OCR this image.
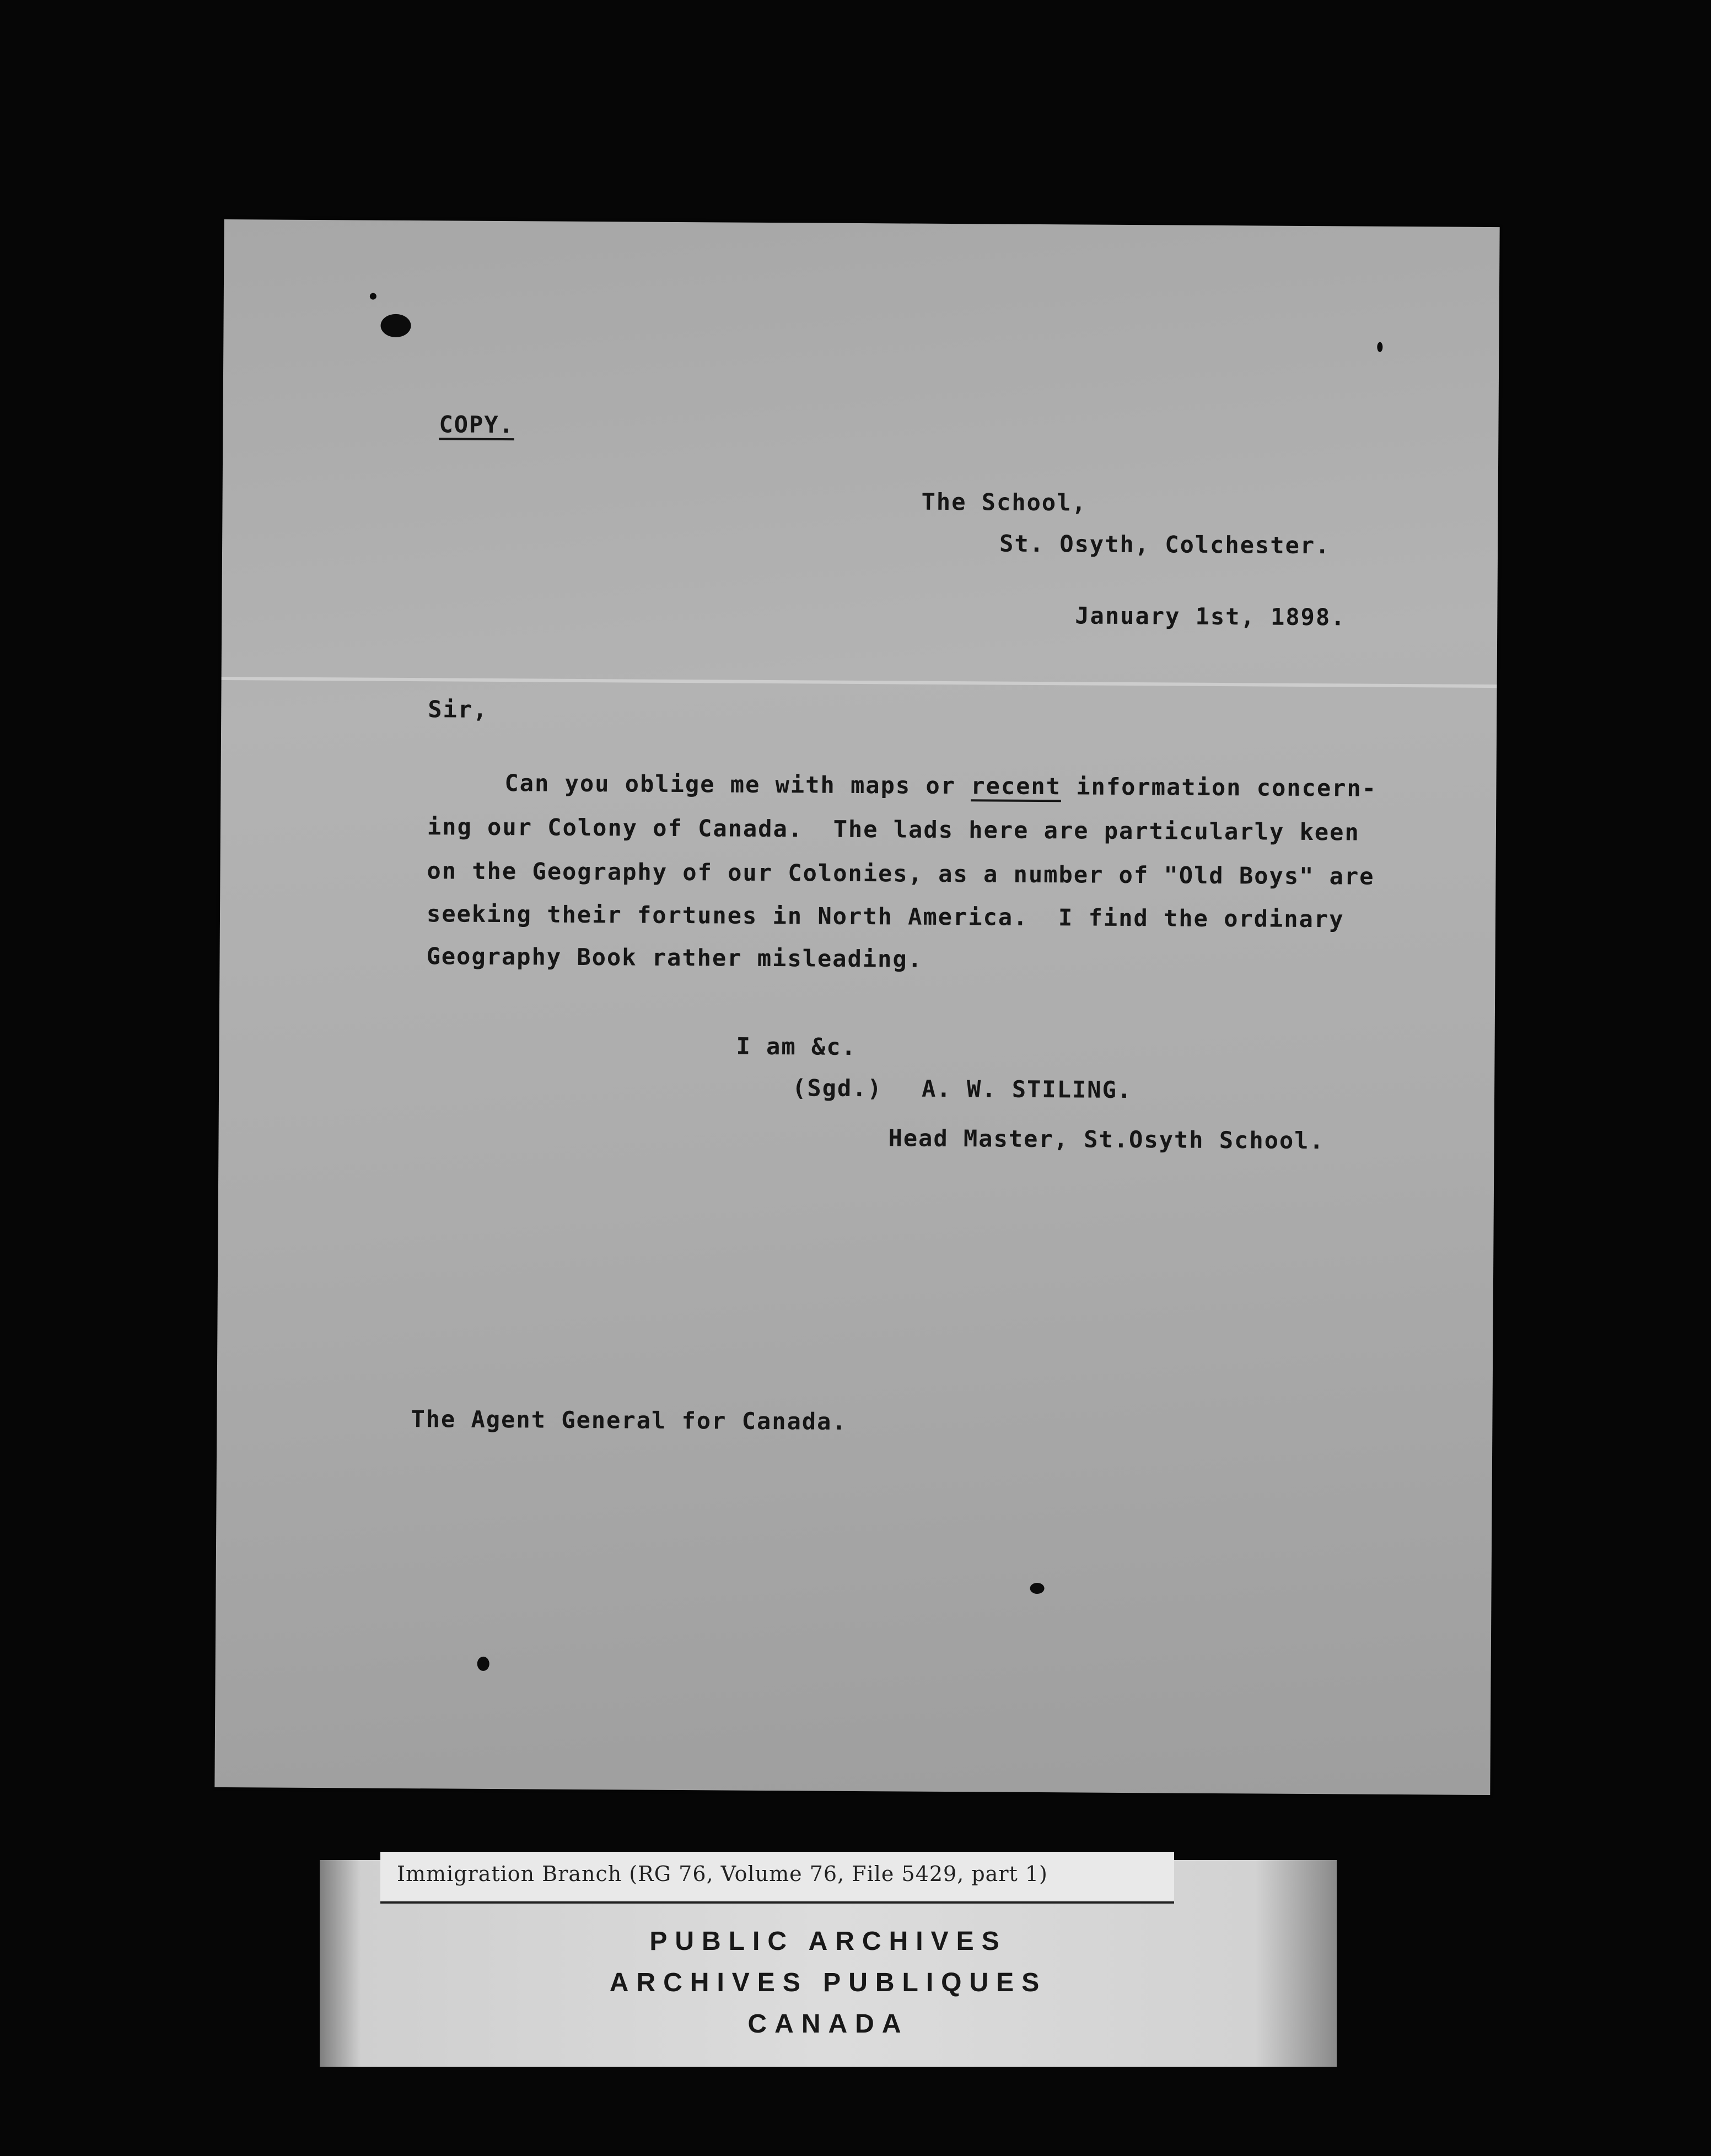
COPY.
The School,
St. Osyth, Colchester.
January 1st, 1898.
Sir,
Can you oblige me with maps or recent information concern-
ing our Colony of Canada.  The lads here are particularly keen
on the Geography of our Colonies, as a number of "Old Boys" are
seeking their fortunes in North America.  I find the ordinary
Geography Book rather misleading.
I am &c.
(Sgd.) A. W. STILING.
Head Master, St.Osyth School.
The Agent General for Canada.
Immigration Branch (RG 76, Volume 76, File 5429, part 1)
PUBLIC ARCHIVES
ARCHIVES PUBLIQUES
CANADA
